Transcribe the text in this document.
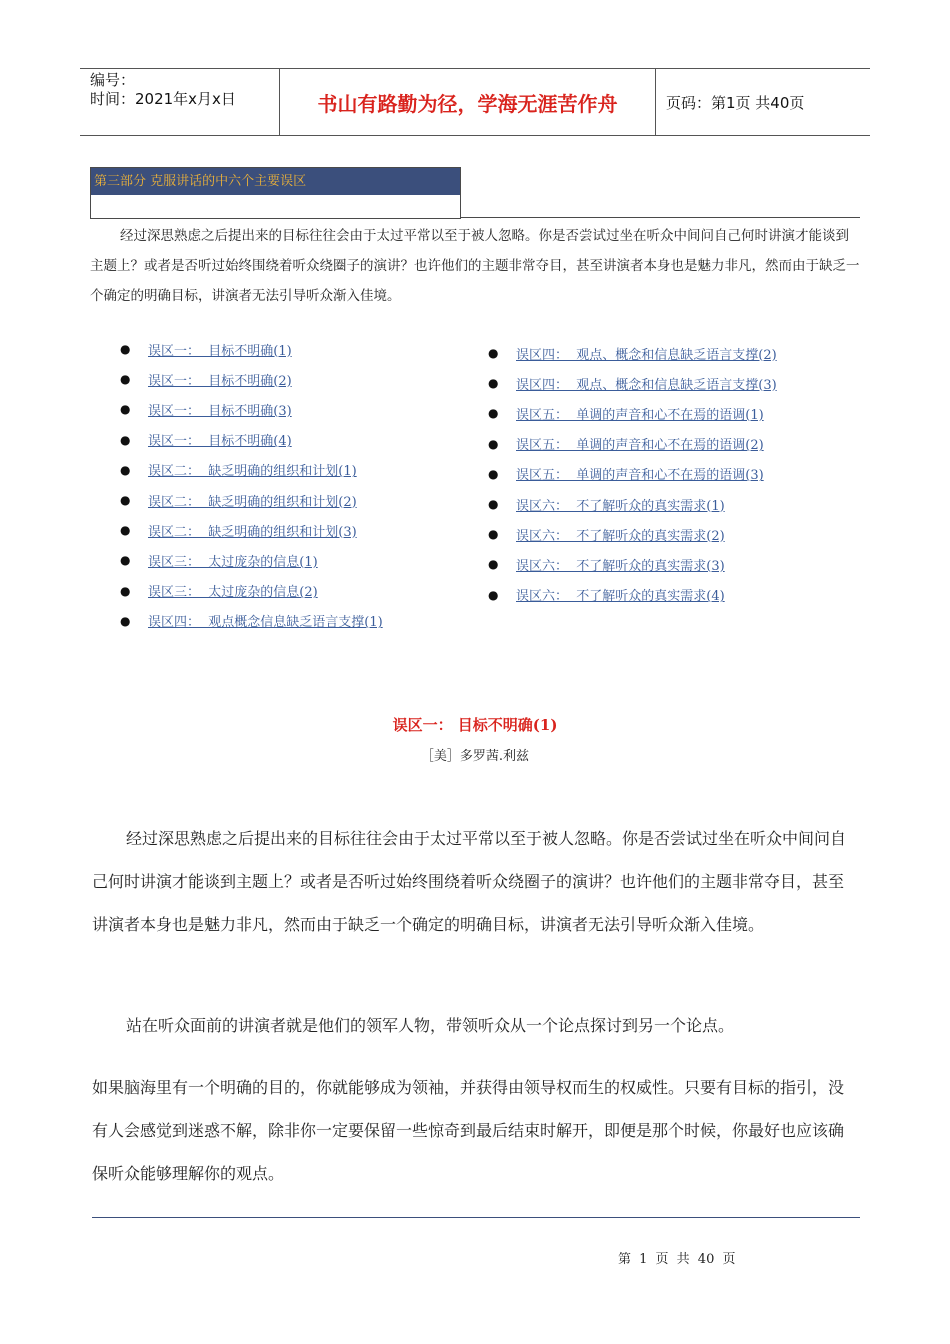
编号：
时间：2021年x月x日	书山有路勤为径，学海无涯苦作舟	页码：第1页 共40页
第三部分 克服讲话的中六个主要误区

经过深思熟虑之后提出来的目标往往会由于太过平常以至于被人忽略。你是否尝试过坐在听众中间问自己何时讲演才能谈到主题上？或者是否听过始终围绕着听众绕圈子的演讲？也许他们的主题非常夺目，甚至讲演者本身也是魅力非凡，然而由于缺乏一个确定的明确目标，讲演者无法引导听众渐入佳境。

●	误区一：  目标不明确(1)
●	误区一：  目标不明确(2)
●	误区一：  目标不明确(3)
●	误区一：  目标不明确(4)
●	误区二：  缺乏明确的组织和计划(1)
●	误区二：  缺乏明确的组织和计划(2)
●	误区二：  缺乏明确的组织和计划(3)
●	误区三：  太过庞杂的信息(1)
●	误区三：  太过庞杂的信息(2)
●	误区四：  观点概念信息缺乏语言支撑(1)
●	误区四：  观点、概念和信息缺乏语言支撑(2)
●	误区四：  观点、概念和信息缺乏语言支撑(3)
●	误区五：  单调的声音和心不在焉的语调(1)
●	误区五：  单调的声音和心不在焉的语调(2)
●	误区五：  单调的声音和心不在焉的语调(3)
●	误区六：  不了解听众的真实需求(1)
●	误区六：  不了解听众的真实需求(2)
●	误区六：  不了解听众的真实需求(3)
●	误区六：  不了解听众的真实需求(4)
误区一： 目标不明确(1)
［美］多罗茜.利兹

经过深思熟虑之后提出来的目标往往会由于太过平常以至于被人忽略。你是否尝试过坐在听众中间问自己何时讲演才能谈到主题上？或者是否听过始终围绕着听众绕圈子的演讲？也许他们的主题非常夺目，甚至讲演者本身也是魅力非凡，然而由于缺乏一个确定的明确目标，讲演者无法引导听众渐入佳境。

站在听众面前的讲演者就是他们的领军人物，带领听众从一个论点探讨到另一个论点。

如果脑海里有一个明确的目的，你就能够成为领袖，并获得由领导权而生的权威性。只要有目标的指引，没有人会感觉到迷惑不解，除非你一定要保留一些惊奇到最后结束时解开，即便是那个时候，你最好也应该确保听众能够理解你的观点。

第 1 页 共 40 页
